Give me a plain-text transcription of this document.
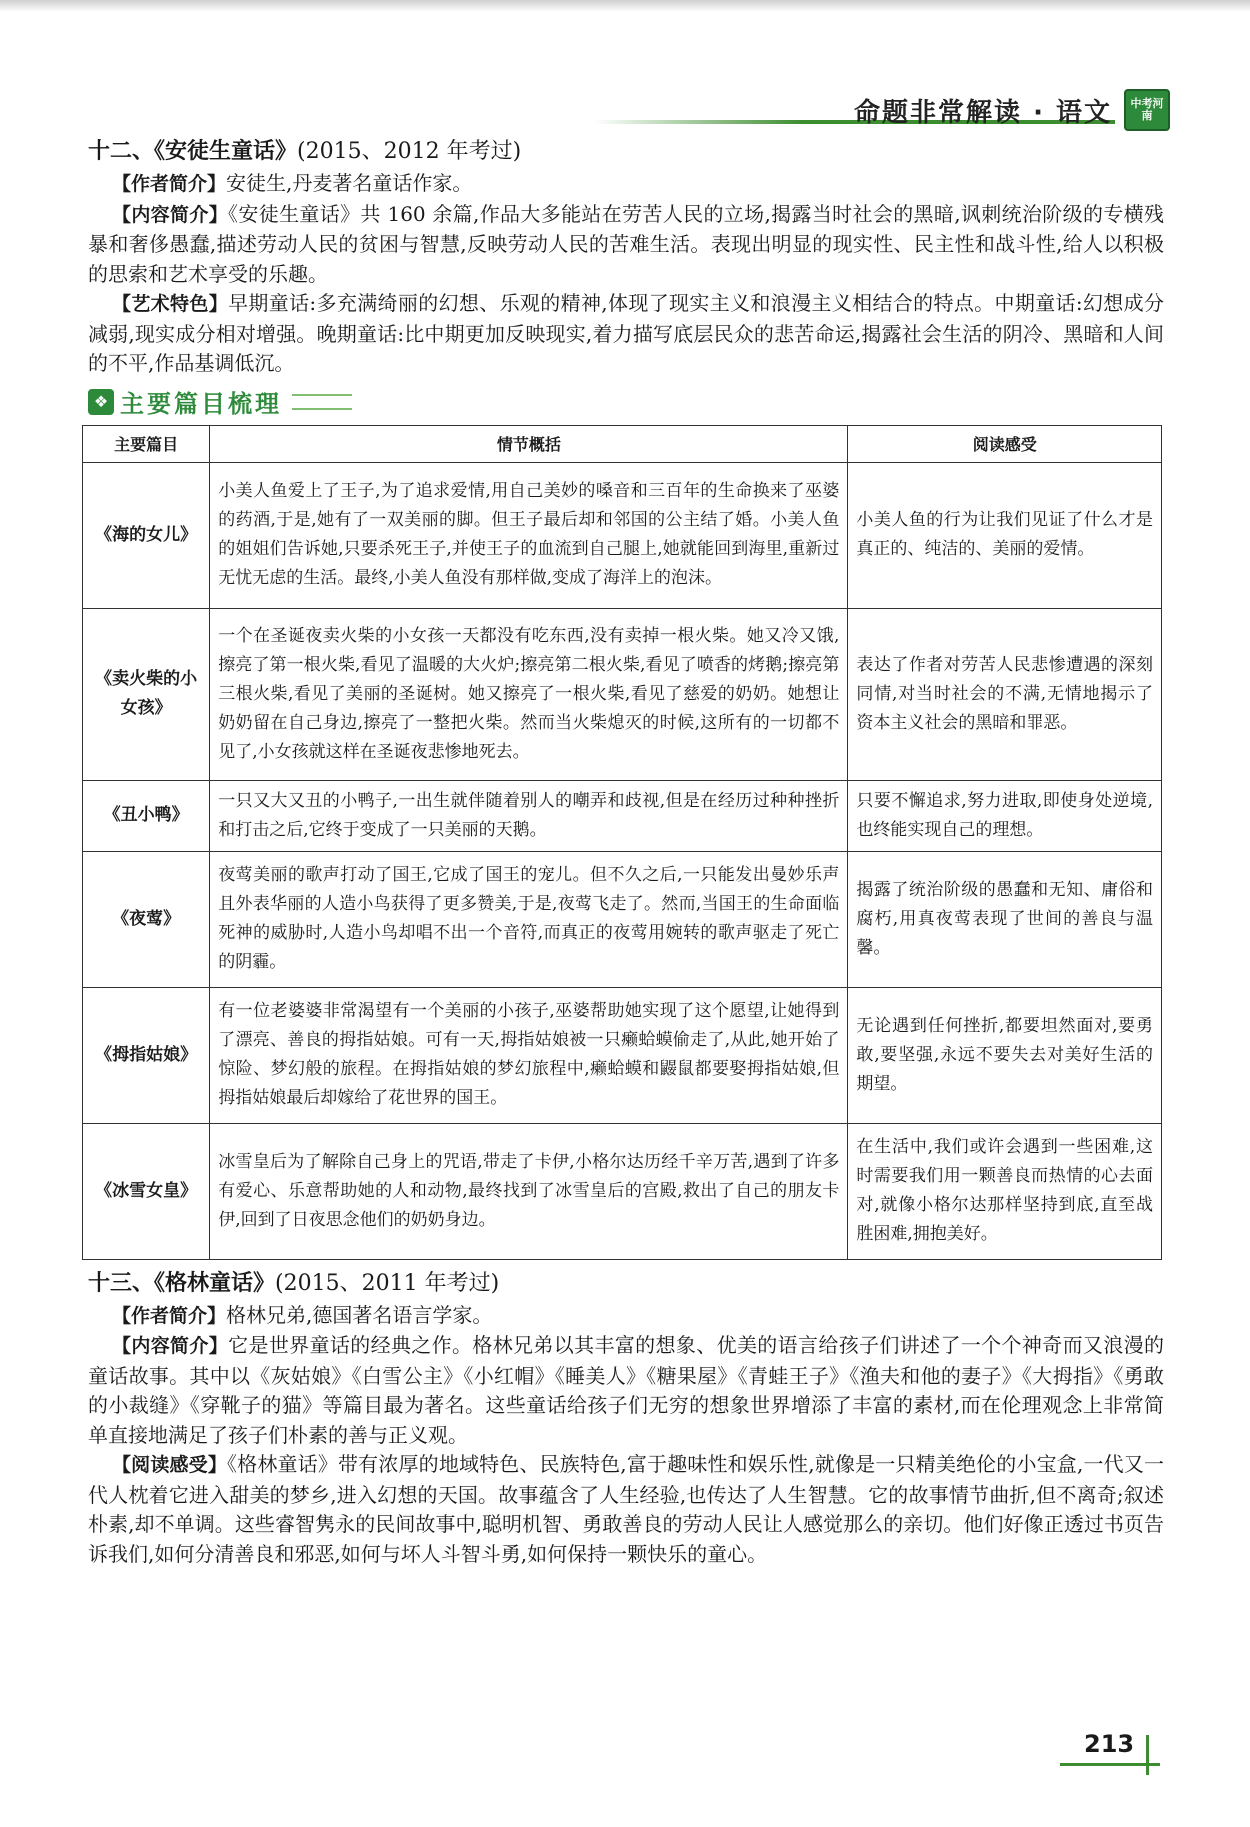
命题非常解读 · 语文	中考河南

十二、《安徒生童话》(2015、2012 年考过)

【作者简介】安徒生,丹麦著名童话作家。

【内容简介】《安徒生童话》共 160 余篇,作品大多能站在劳苦人民的立场,揭露当时社会的黑暗,讽刺统治阶级的专横残暴和奢侈愚蠢,描述劳动人民的贫困与智慧,反映劳动人民的苦难生活。表现出明显的现实性、民主性和战斗性,给人以积极的思索和艺术享受的乐趣。

【艺术特色】早期童话:多充满绮丽的幻想、乐观的精神,体现了现实主义和浪漫主义相结合的特点。中期童话:幻想成分减弱,现实成分相对增强。晚期童话:比中期更加反映现实,着力描写底层民众的悲苦命运,揭露社会生活的阴冷、黑暗和人间的不平,作品基调低沉。

❖ 主要篇目梳理
主要篇目	情节概括	阅读感受
《海的女儿》	小美人鱼爱上了王子,为了追求爱情,用自己美妙的嗓音和三百年的生命换来了巫婆的药酒,于是,她有了一双美丽的脚。但王子最后却和邻国的公主结了婚。小美人鱼的姐姐们告诉她,只要杀死王子,并使王子的血流到自己腿上,她就能回到海里,重新过无忧无虑的生活。最终,小美人鱼没有那样做,变成了海洋上的泡沫。	小美人鱼的行为让我们见证了什么才是真正的、纯洁的、美丽的爱情。
《卖火柴的小女孩》	一个在圣诞夜卖火柴的小女孩一天都没有吃东西,没有卖掉一根火柴。她又冷又饿,擦亮了第一根火柴,看见了温暖的大火炉;擦亮第二根火柴,看见了喷香的烤鹅;擦亮第三根火柴,看见了美丽的圣诞树。她又擦亮了一根火柴,看见了慈爱的奶奶。她想让奶奶留在自己身边,擦亮了一整把火柴。然而当火柴熄灭的时候,这所有的一切都不见了,小女孩就这样在圣诞夜悲惨地死去。	表达了作者对劳苦人民悲惨遭遇的深刻同情,对当时社会的不满,无情地揭示了资本主义社会的黑暗和罪恶。
《丑小鸭》	一只又大又丑的小鸭子,一出生就伴随着别人的嘲弄和歧视,但是在经历过种种挫折和打击之后,它终于变成了一只美丽的天鹅。	只要不懈追求,努力进取,即使身处逆境,也终能实现自己的理想。
《夜莺》	夜莺美丽的歌声打动了国王,它成了国王的宠儿。但不久之后,一只能发出曼妙乐声且外表华丽的人造小鸟获得了更多赞美,于是,夜莺飞走了。然而,当国王的生命面临死神的威胁时,人造小鸟却唱不出一个音符,而真正的夜莺用婉转的歌声驱走了死亡的阴霾。	揭露了统治阶级的愚蠢和无知、庸俗和腐朽,用真夜莺表现了世间的善良与温馨。
《拇指姑娘》	有一位老婆婆非常渴望有一个美丽的小孩子,巫婆帮助她实现了这个愿望,让她得到了漂亮、善良的拇指姑娘。可有一天,拇指姑娘被一只癞蛤蟆偷走了,从此,她开始了惊险、梦幻般的旅程。在拇指姑娘的梦幻旅程中,癞蛤蟆和鼹鼠都要娶拇指姑娘,但拇指姑娘最后却嫁给了花世界的国王。	无论遇到任何挫折,都要坦然面对,要勇敢,要坚强,永远不要失去对美好生活的期望。
《冰雪女皇》	冰雪皇后为了解除自己身上的咒语,带走了卡伊,小格尔达历经千辛万苦,遇到了许多有爱心、乐意帮助她的人和动物,最终找到了冰雪皇后的宫殿,救出了自己的朋友卡伊,回到了日夜思念他们的奶奶身边。	在生活中,我们或许会遇到一些困难,这时需要我们用一颗善良而热情的心去面对,就像小格尔达那样坚持到底,直至战胜困难,拥抱美好。

十三、《格林童话》(2015、2011 年考过)

【作者简介】格林兄弟,德国著名语言学家。

【内容简介】它是世界童话的经典之作。格林兄弟以其丰富的想象、优美的语言给孩子们讲述了一个个神奇而又浪漫的童话故事。其中以《灰姑娘》《白雪公主》《小红帽》《睡美人》《糖果屋》《青蛙王子》《渔夫和他的妻子》《大拇指》《勇敢的小裁缝》《穿靴子的猫》等篇目最为著名。这些童话给孩子们无穷的想象世界增添了丰富的素材,而在伦理观念上非常简单直接地满足了孩子们朴素的善与正义观。

【阅读感受】《格林童话》带有浓厚的地域特色、民族特色,富于趣味性和娱乐性,就像是一只精美绝伦的小宝盒,一代又一代人枕着它进入甜美的梦乡,进入幻想的天国。故事蕴含了人生经验,也传达了人生智慧。它的故事情节曲折,但不离奇;叙述朴素,却不单调。这些睿智隽永的民间故事中,聪明机智、勇敢善良的劳动人民让人感觉那么的亲切。他们好像正透过书页告诉我们,如何分清善良和邪恶,如何与坏人斗智斗勇,如何保持一颗快乐的童心。

213
